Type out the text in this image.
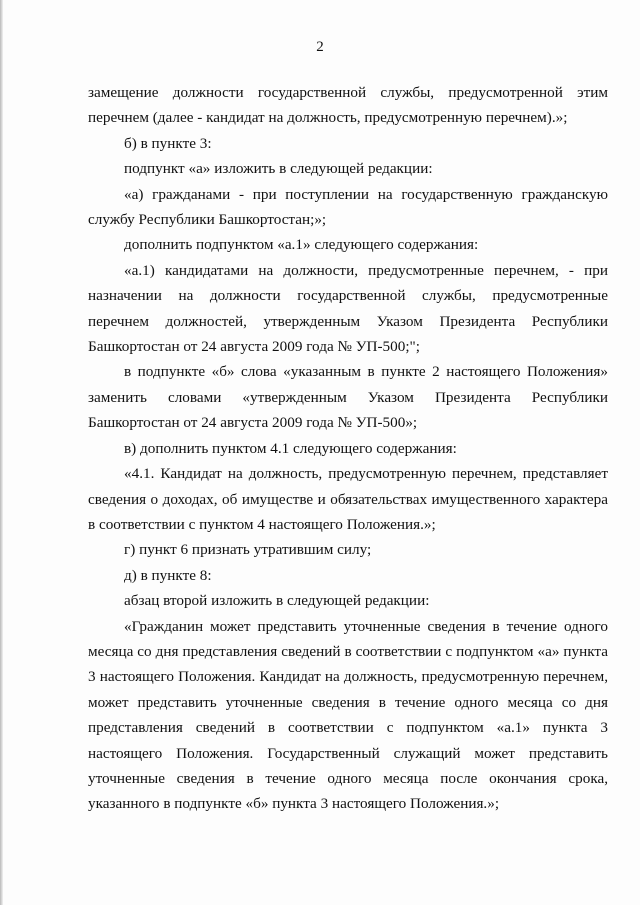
2

замещение должности государственной службы, предусмотренной этим перечнем (далее - кандидат на должность, предусмотренную перечнем).»;

б) в пункте 3:

подпункт «а» изложить в следующей редакции:

«а) гражданами - при поступлении на государственную гражданскую службу Республики Башкортостан;»;

дополнить подпунктом «а.1» следующего содержания:

«а.1) кандидатами на должности, предусмотренные перечнем, - при назначении на должности государственной службы, предусмотренные перечнем должностей, утвержденным Указом Президента Республики Башкортостан от 24 августа 2009 года № УП-500;";

в подпункте «б» слова «указанным в пункте 2 настоящего Положения» заменить словами «утвержденным Указом Президента Республики Башкортостан от 24 августа 2009 года № УП-500»;

в) дополнить пунктом 4.1 следующего содержания:

«4.1. Кандидат на должность, предусмотренную перечнем, представляет сведения о доходах, об имуществе и обязательствах имущественного характера в соответствии с пунктом 4 настоящего Положения.»;

г) пункт 6 признать утратившим силу;

д) в пункте 8:

абзац второй изложить в следующей редакции:

«Гражданин может представить уточненные сведения в течение одного месяца со дня представления сведений в соответствии с подпунктом «а» пункта 3 настоящего Положения. Кандидат на должность, предусмотренную перечнем, может представить уточненные сведения в течение одного месяца со дня представления сведений в соответствии с подпунктом «а.1» пункта 3 настоящего Положения. Государственный служащий может представить уточненные сведения в течение одного месяца после окончания срока, указанного в подпункте «б» пункта 3 настоящего Положения.»;
